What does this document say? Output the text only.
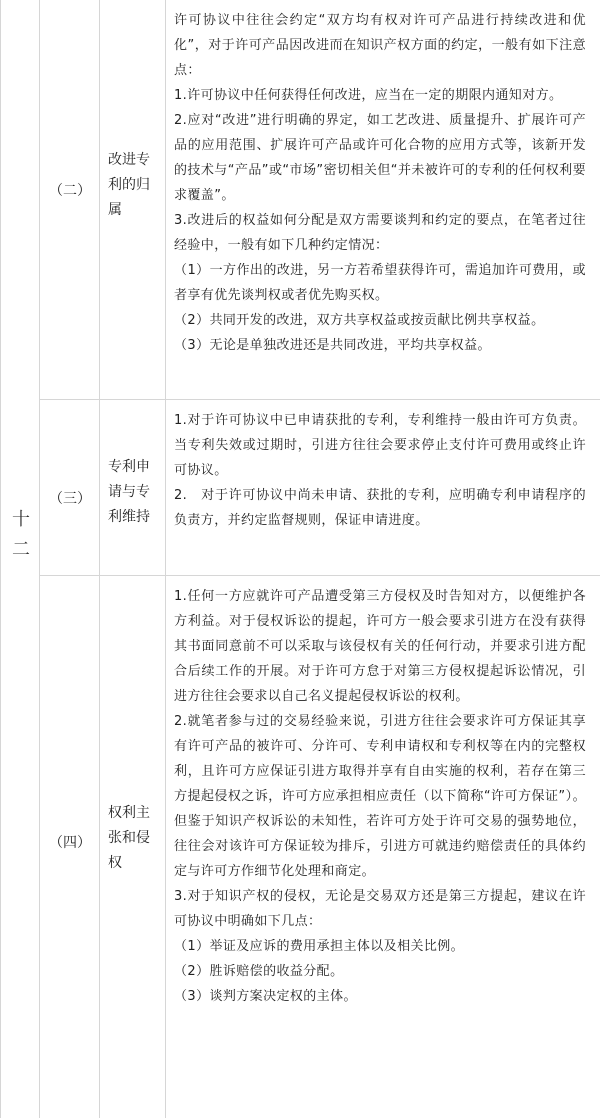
十二
（二）
改进专利的归属

许可协议中往往会约定“双方均有权对许可产品进行持续改进和优化”，对于许可产品因改进而在知识产权方面的约定，一般有如下注意点：

1.许可协议中任何获得任何改进，应当在一定的期限内通知对方。

2.应对“改进”进行明确的界定，如工艺改进、质量提升、扩展许可产品的应用范围、扩展许可产品或许可化合物的应用方式等，该新开发的技术与“产品”或“市场”密切相关但“并未被许可的专利的任何权利要求覆盖”。

3.改进后的权益如何分配是双方需要谈判和约定的要点，在笔者过往经验中，一般有如下几种约定情况：

（1）一方作出的改进，另一方若希望获得许可，需追加许可费用，或者享有优先谈判权或者优先购买权。

（2）共同开发的改进，双方共享权益或按贡献比例共享权益。

（3）无论是单独改进还是共同改进，平均共享权益。

（三）
专利申请与专利维持

1.对于许可协议中已申请获批的专利，专利维持一般由许可方负责。当专利失效或过期时，引进方往往会要求停止支付许可费用或终止许可协议。

2.　对于许可协议中尚未申请、获批的专利，应明确专利申请程序的负责方，并约定监督规则，保证申请进度。

（四）
权利主张和侵权

1.任何一方应就许可产品遭受第三方侵权及时告知对方，以便维护各方利益。对于侵权诉讼的提起，许可方一般会要求引进方在没有获得其书面同意前不可以采取与该侵权有关的任何行动，并要求引进方配合后续工作的开展。对于许可方怠于对第三方侵权提起诉讼情况，引进方往往会要求以自己名义提起侵权诉讼的权利。

2.就笔者参与过的交易经验来说，引进方往往会要求许可方保证其享有许可产品的被许可、分许可、专利申请权和专利权等在内的完整权利，且许可方应保证引进方取得并享有自由实施的权利，若存在第三方提起侵权之诉，许可方应承担相应责任（以下简称“许可方保证”）。但鉴于知识产权诉讼的未知性，若许可方处于许可交易的强势地位，往往会对该许可方保证较为排斥，引进方可就违约赔偿责任的具体约定与许可方作细节化处理和商定。

3.对于知识产权的侵权，无论是交易双方还是第三方提起，建议在许可协议中明确如下几点：

（1）举证及应诉的费用承担主体以及相关比例。

（2）胜诉赔偿的收益分配。

（3）谈判方案决定权的主体。
